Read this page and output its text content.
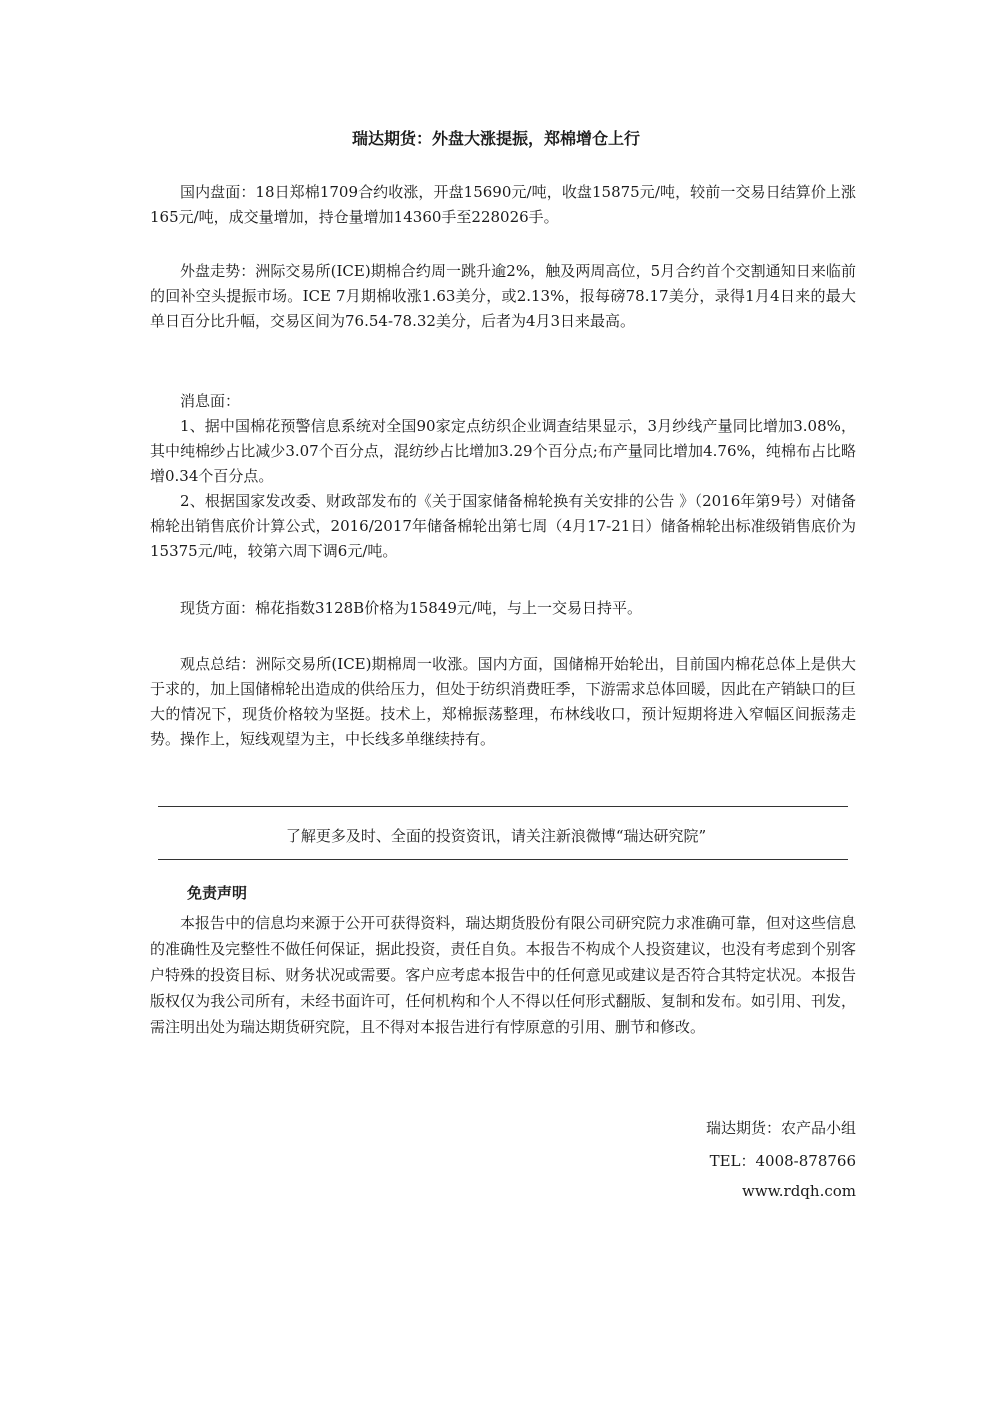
瑞达期货：外盘大涨提振，郑棉增仓上行

国内盘面：18日郑棉1709合约收涨，开盘15690元/吨，收盘15875元/吨，较前一交易日结算价上涨165元/吨，成交量增加，持仓量增加14360手至228026手。

外盘走势：洲际交易所(ICE)期棉合约周一跳升逾2%，触及两周高位，5月合约首个交割通知日来临前的回补空头提振市场。ICE 7月期棉收涨1.63美分，或2.13%，报每磅78.17美分，录得1月4日来的最大单日百分比升幅，交易区间为76.54-78.32美分，后者为4月3日来最高。

消息面：

1、据中国棉花预警信息系统对全国90家定点纺织企业调查结果显示，3月纱线产量同比增加3.08%，其中纯棉纱占比减少3.07个百分点，混纺纱占比增加3.29个百分点;布产量同比增加4.76%，纯棉布占比略增0.34个百分点。

2、根据国家发改委、财政部发布的《关于国家储备棉轮换有关安排的公告 》（2016年第9号）对储备棉轮出销售底价计算公式，2016/2017年储备棉轮出第七周（4月17-21日）储备棉轮出标准级销售底价为15375元/吨，较第六周下调6元/吨。

现货方面：棉花指数3128B价格为15849元/吨，与上一交易日持平。

观点总结：洲际交易所(ICE)期棉周一收涨。国内方面，国储棉开始轮出，目前国内棉花总体上是供大于求的，加上国储棉轮出造成的供给压力，但处于纺织消费旺季，下游需求总体回暖，因此在产销缺口的巨大的情况下，现货价格较为坚挺。技术上，郑棉振荡整理，布林线收口，预计短期将进入窄幅区间振荡走势。操作上，短线观望为主，中长线多单继续持有。

了解更多及时、全面的投资资讯，请关注新浪微博“瑞达研究院”
免责声明

本报告中的信息均来源于公开可获得资料，瑞达期货股份有限公司研究院力求准确可靠，但对这些信息的准确性及完整性不做任何保证，据此投资，责任自负。本报告不构成个人投资建议，也没有考虑到个别客户特殊的投资目标、财务状况或需要。客户应考虑本报告中的任何意见或建议是否符合其特定状况。本报告版权仅为我公司所有，未经书面许可，任何机构和个人不得以任何形式翻版、复制和发布。如引用、刊发，需注明出处为瑞达期货研究院，且不得对本报告进行有悖原意的引用、删节和修改。

瑞达期货：农产品小组
TEL：4008-878766
www.rdqh.com
